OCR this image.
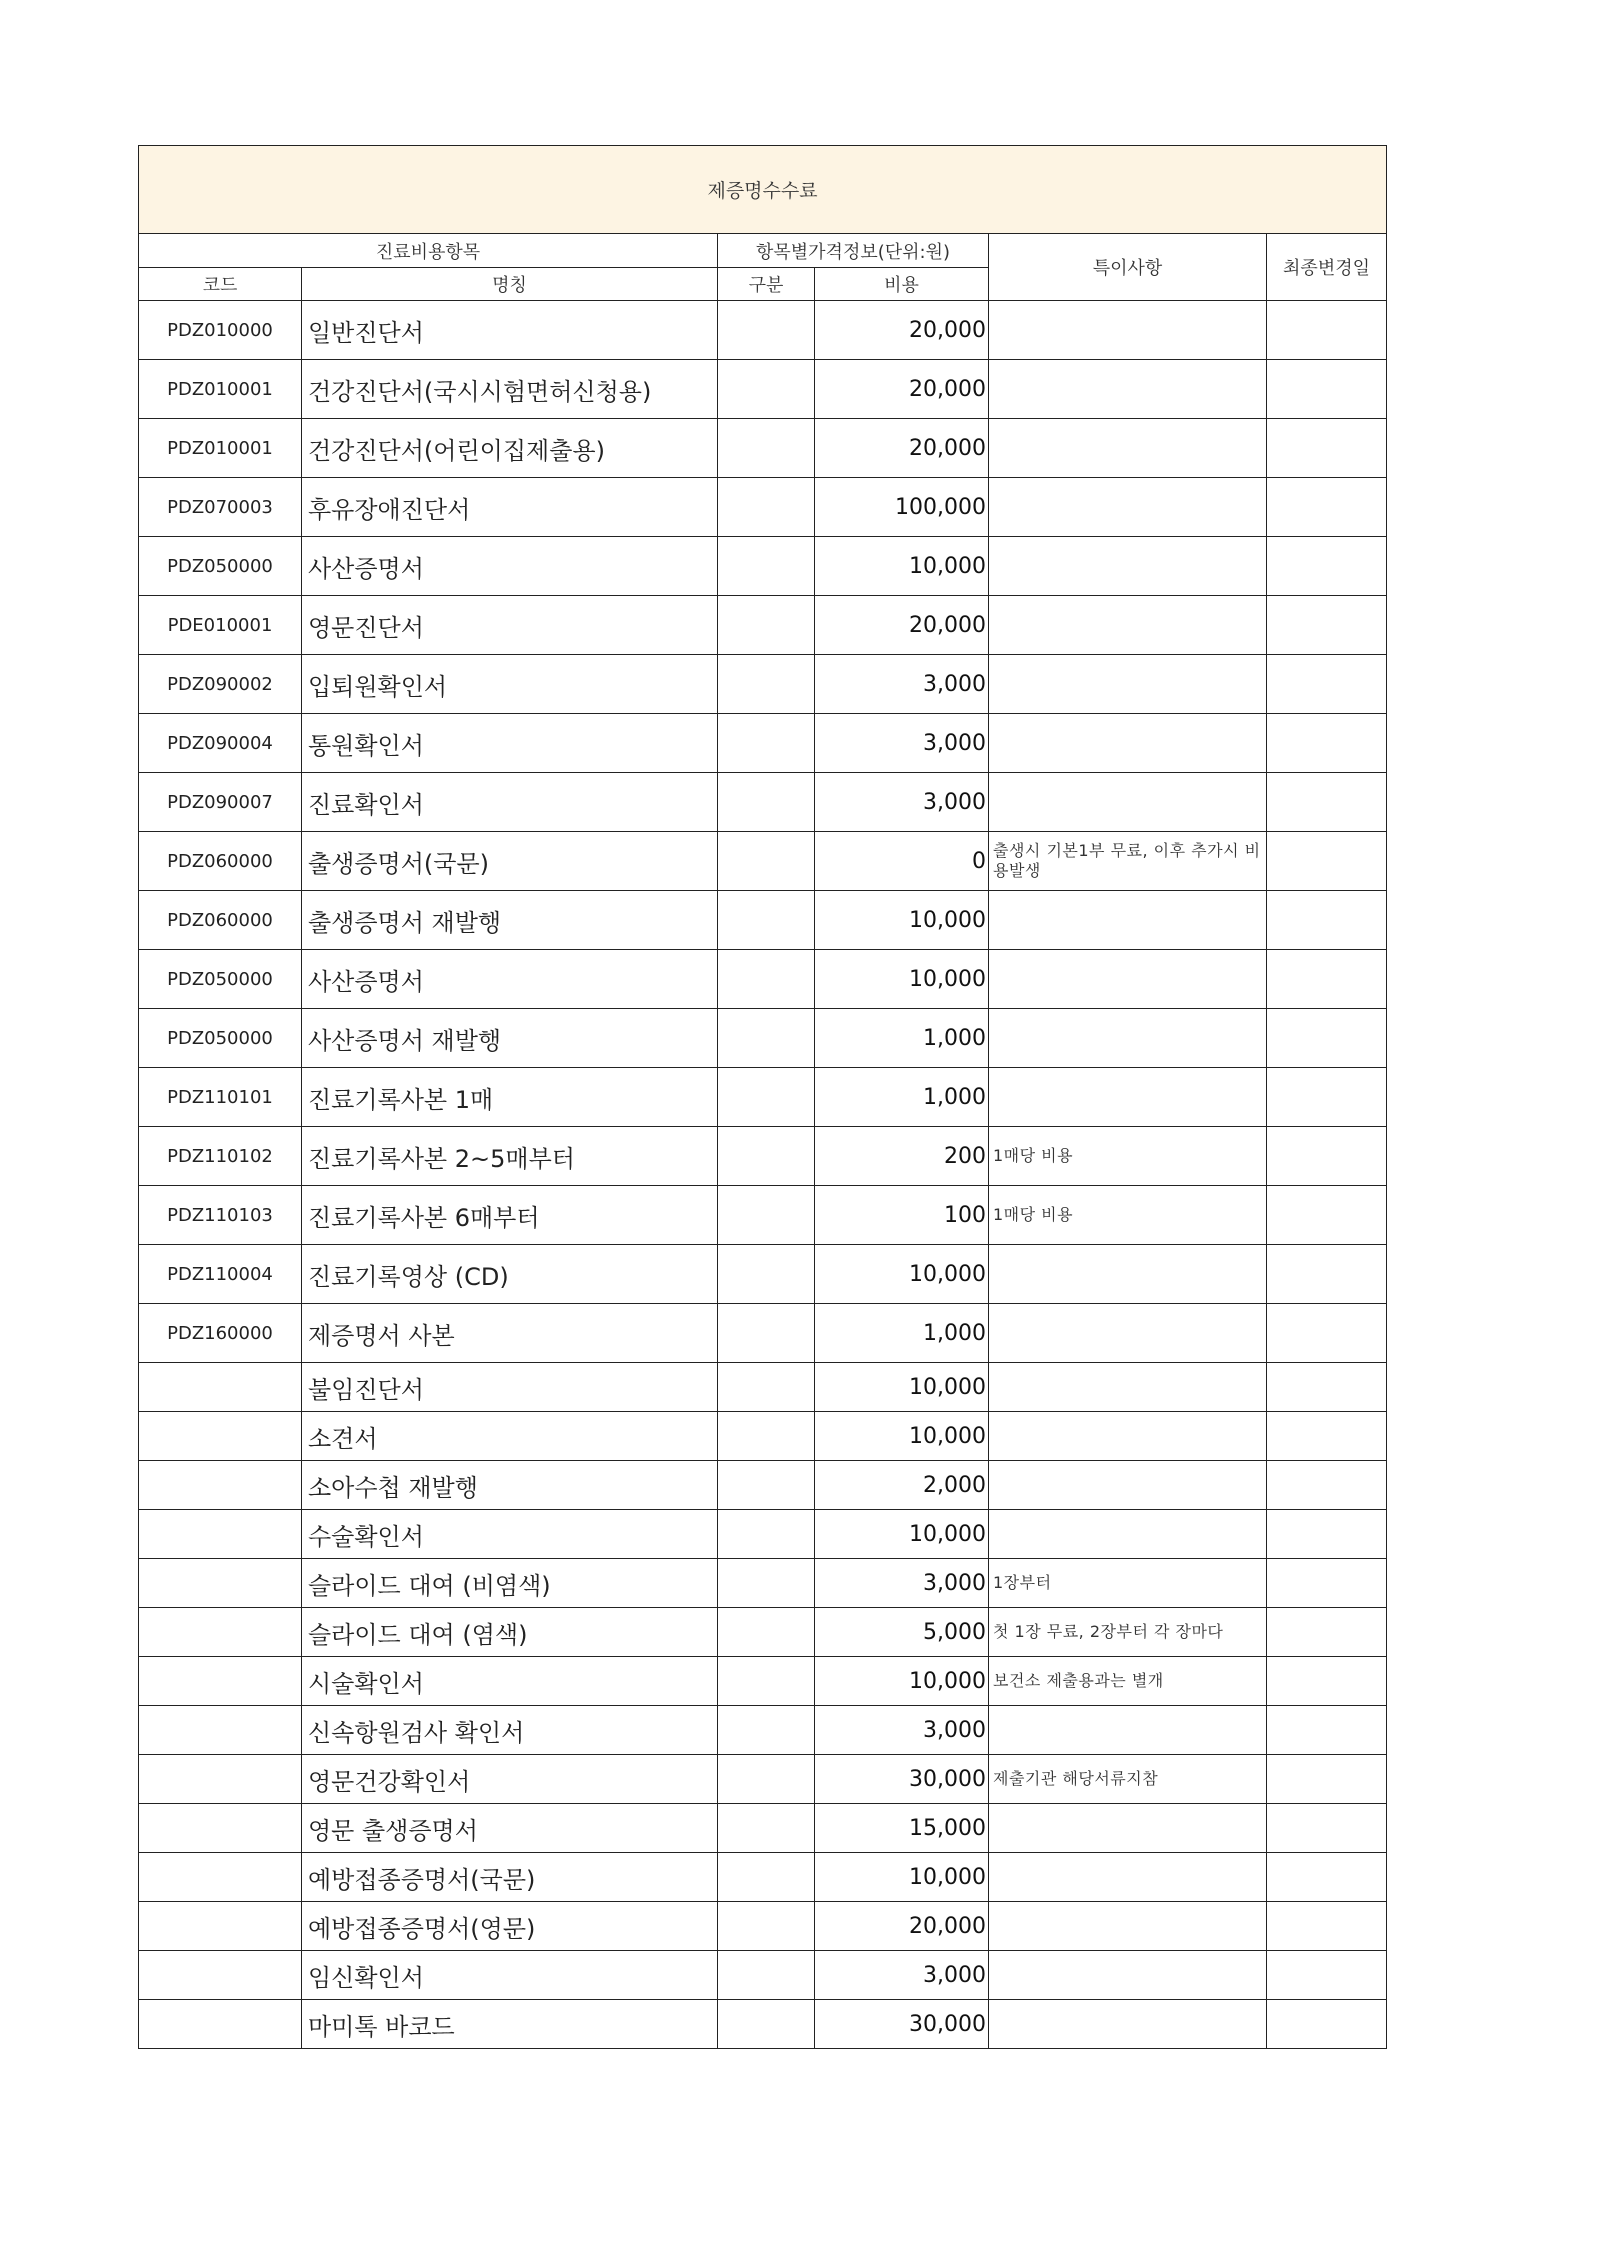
제증명수수료					
진료비용항목		항목별가격정보(단위:원)		특이사항	최종변경일
코드	명칭	구분	비용		
PDZ010000	일반진단서		20,000		
PDZ010001	건강진단서(국시시험면허신청용)		20,000		
PDZ010001	건강진단서(어린이집제출용)		20,000		
PDZ070003	후유장애진단서		100,000		
PDZ050000	사산증명서		10,000		
PDE010001	영문진단서		20,000		
PDZ090002	입퇴원확인서		3,000		
PDZ090004	통원확인서		3,000		
PDZ090007	진료확인서		3,000		
PDZ060000	출생증명서(국문)		0	출생시 기본1부 무료, 이후 추가시 비용발생	
PDZ060000	출생증명서 재발행		10,000		
PDZ050000	사산증명서		10,000		
PDZ050000	사산증명서 재발행		1,000		
PDZ110101	진료기록사본 1매		1,000		
PDZ110102	진료기록사본 2~5매부터		200	1매당 비용	
PDZ110103	진료기록사본 6매부터		100	1매당 비용	
PDZ110004	진료기록영상 (CD)		10,000		
PDZ160000	제증명서 사본		1,000		
	불임진단서		10,000		
	소견서		10,000		
	소아수첩 재발행		2,000		
	수술확인서		10,000		
	슬라이드 대여 (비염색)		3,000	1장부터	
	슬라이드 대여 (염색)		5,000	첫 1장 무료, 2장부터 각 장마다	
	시술확인서		10,000	보건소 제출용과는 별개	
	신속항원검사 확인서		3,000		
	영문건강확인서		30,000	제출기관 해당서류지참	
	영문 출생증명서		15,000		
	예방접종증명서(국문)		10,000		
	예방접종증명서(영문)		20,000		
	임신확인서		3,000		
	마미톡 바코드		30,000		
